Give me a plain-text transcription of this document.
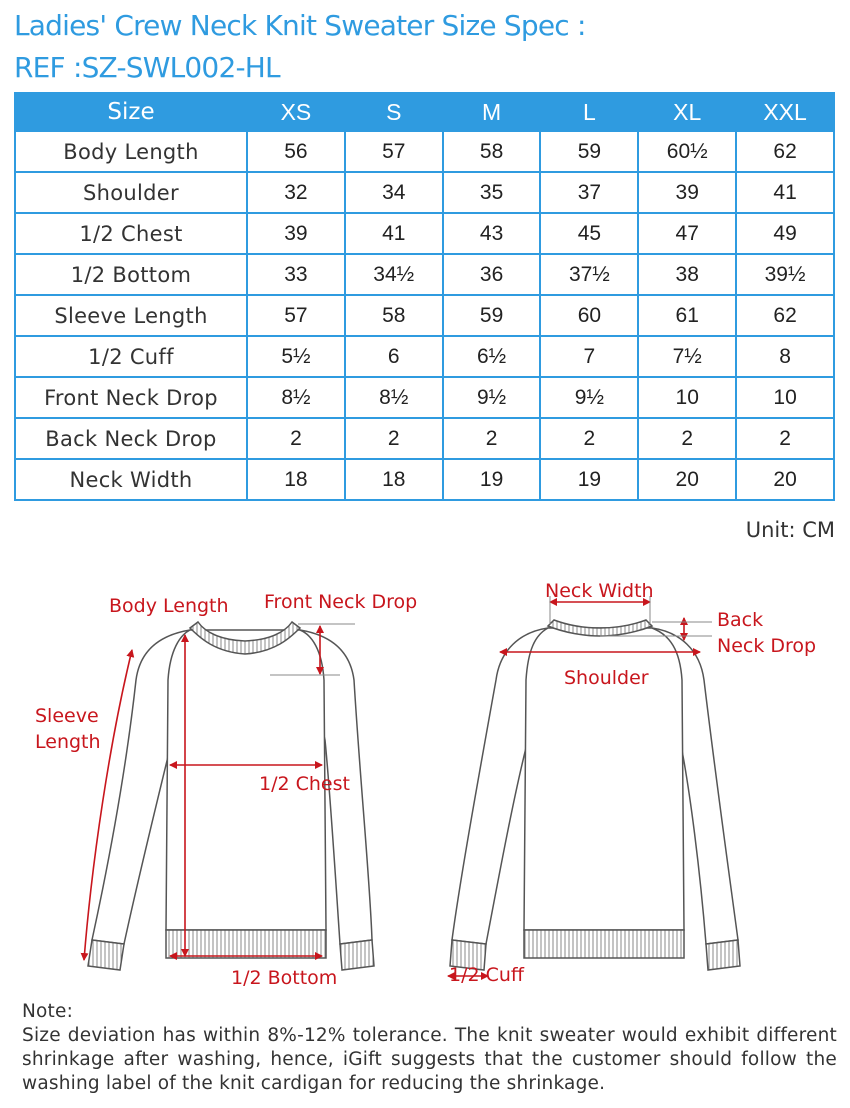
Ladies' Crew Neck Knit Sweater Size Spec :
REF :SZ-SWL002-HL
Size	XS	S	M	L	XL	XXL
Body Length	56	57	58	59	60½	62
Shoulder	32	34	35	37	39	41
1/2 Chest	39	41	43	45	47	49
1/2 Bottom	33	34½	36	37½	38	39½
Sleeve Length	57	58	59	60	61	62
1/2 Cuff	5½	6	6½	7	7½	8
Front Neck Drop	8½	8½	9½	9½	10	10
Back Neck Drop	2	2	2	2	2	2
Neck Width	18	18	19	19	20	20
Unit: CM
Body Length Front Neck Drop
Sleeve
Length
1/2 Chest
1/2 Bottom
Neck Width
Back
Neck Drop
Shoulder
1/2 Cuff
Note:
Size deviation has within 8%-12% tolerance. The knit sweater would exhibit different shrinkage after washing, hence, iGift suggests that the customer should follow the washing label of the knit cardigan for reducing the shrinkage.
